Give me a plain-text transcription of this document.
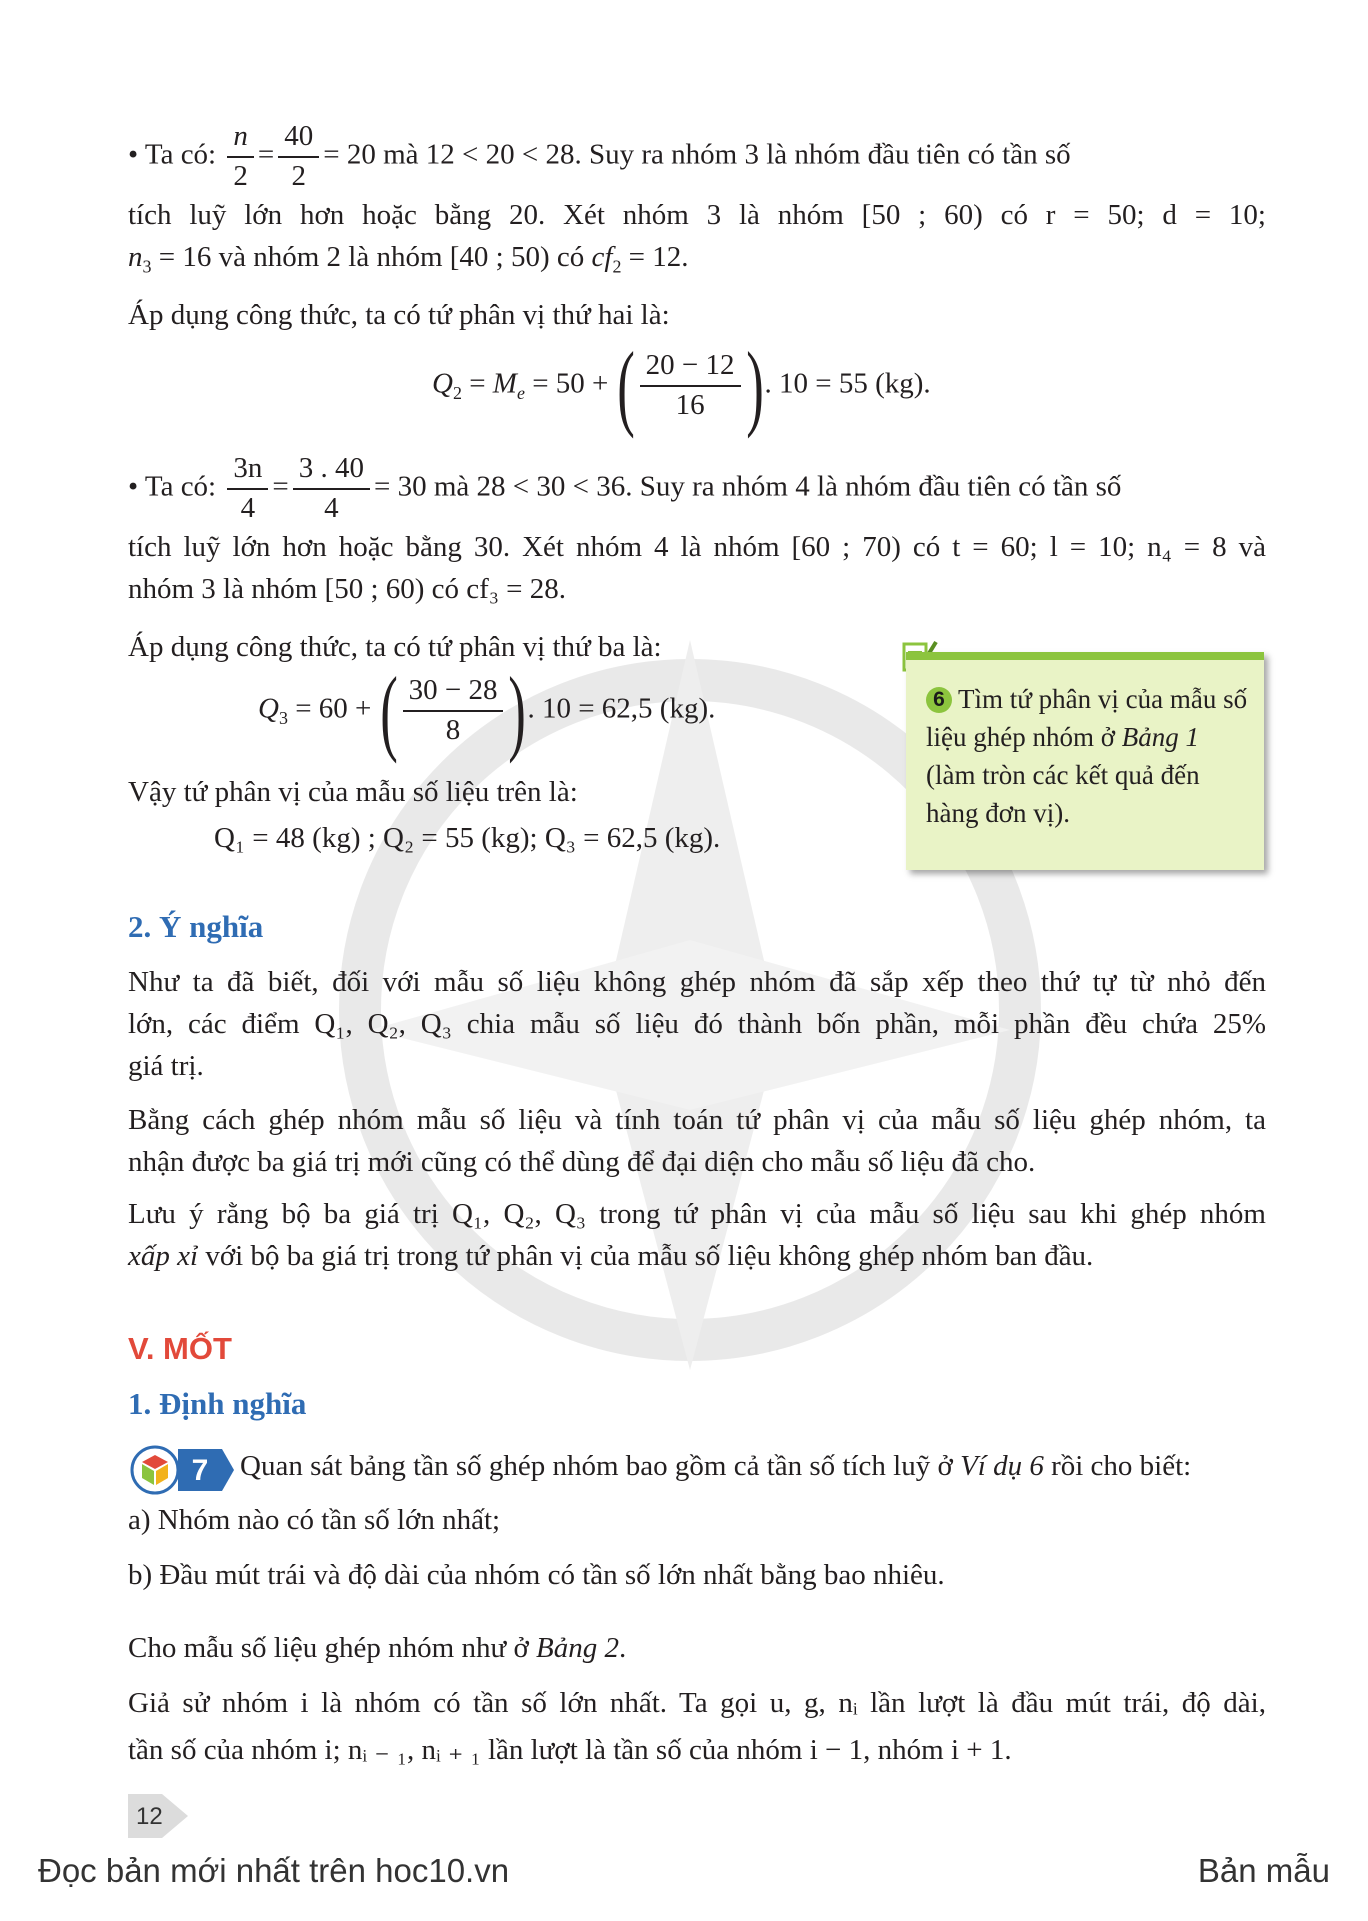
• Ta có: $\frac{n}{2} = \frac{40}{2} = 20$ mà 12 < 20 < 28. Suy ra nhóm 3 là nhóm đầu tiên có tần số
tích luỹ lớn hơn hoặc bằng 20. Xét nhóm 3 là nhóm [50 ; 60) có r = 50; d = 10;
$n_3 = 16$ và nhóm 2 là nhóm [40 ; 50) có $cf_2 = 12$.
Áp dụng công thức, ta có tứ phân vị thứ hai là:
$Q_2 = M_e = 50$ + ( $\frac{20 - 12}{16}$ ). 10 = 55 (kg).
• Ta có: $\frac{3n}{4} = \frac{3 . 40}{4} = 30$ mà 28 < 30 < 36. Suy ra nhóm 4 là nhóm đầu tiên có tần số
tích luỹ lớn hơn hoặc bằng 30. Xét nhóm 4 là nhóm [60 ; 70) có t = 60; l = 10; n₄ = 8 và
nhóm 3 là nhóm [50 ; 60) có cf₃ = 28.
Áp dụng công thức, ta có tứ phân vị thứ ba là:
$Q_3 = 60$ + ( $\frac{30 - 28}{8}$ ). 10 = 62,5 (kg).
Vậy tứ phân vị của mẫu số liệu trên là:
Q₁ = 48 (kg) ; Q₂ = 55 (kg); Q₃ = 62,5 (kg).
6 Tìm tứ phân vị của mẫu số liệu ghép nhóm ở Bảng 1 (làm tròn các kết quả đến hàng đơn vị).
2. Ý nghĩa
Như ta đã biết, đối với mẫu số liệu không ghép nhóm đã sắp xếp theo thứ tự từ nhỏ đến
lớn, các điểm Q₁, Q₂, Q₃ chia mẫu số liệu đó thành bốn phần, mỗi phần đều chứa 25%
giá trị.
Bằng cách ghép nhóm mẫu số liệu và tính toán tứ phân vị của mẫu số liệu ghép nhóm, ta
nhận được ba giá trị mới cũng có thể dùng để đại diện cho mẫu số liệu đã cho.
Lưu ý rằng bộ ba giá trị Q₁, Q₂, Q₃ trong tứ phân vị của mẫu số liệu sau khi ghép nhóm
xấp xỉ với bộ ba giá trị trong tứ phân vị của mẫu số liệu không ghép nhóm ban đầu.
V. MỐT
1. Định nghĩa
7 Quan sát bảng tần số ghép nhóm bao gồm cả tần số tích luỹ ở Ví dụ 6 rồi cho biết:
a) Nhóm nào có tần số lớn nhất;
b) Đầu mút trái và độ dài của nhóm có tần số lớn nhất bằng bao nhiêu.
Cho mẫu số liệu ghép nhóm như ở Bảng 2.
Giả sử nhóm i là nhóm có tần số lớn nhất. Ta gọi u, g, nᵢ lần lượt là đầu mút trái, độ dài,
tần số của nhóm i; nᵢ ₋ ₁, nᵢ ₊ ₁ lần lượt là tần số của nhóm i − 1, nhóm i + 1.
12
Đọc bản mới nhất trên hoc10.vn	Bản mẫu
